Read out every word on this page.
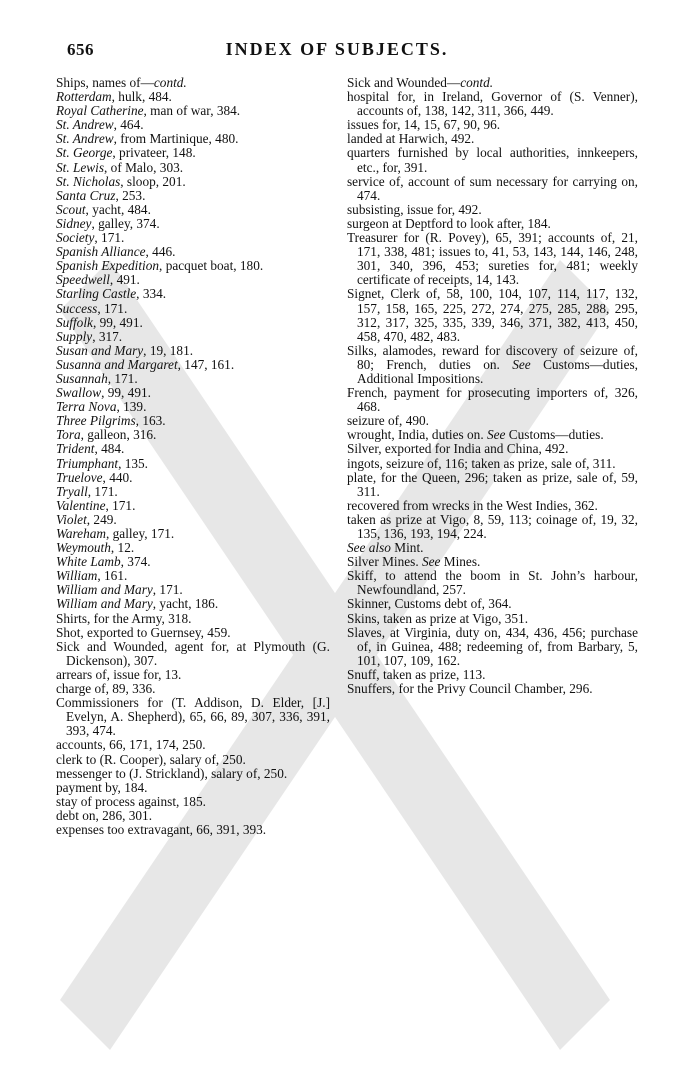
656	INDEX OF SUBJECTS.
Ships, names of—contd.
Rotterdam, hulk, 484.
Royal Catherine, man of war, 384.
St. Andrew, 464.
St. Andrew, from Martinique, 480.
St. George, privateer, 148.
St. Lewis, of Malo, 303.
St. Nicholas, sloop, 201.
Santa Cruz, 253.
Scout, yacht, 484.
Sidney, galley, 374.
Society, 171.
Spanish Alliance, 446.
Spanish Expedition, pacquet boat, 180.
Speedwell, 491.
Starling Castle, 334.
Success, 171.
Suffolk, 99, 491.
Supply, 317.
Susan and Mary, 19, 181.
Susanna and Margaret, 147, 161.
Susannah, 171.
Swallow, 99, 491.
Terra Nova, 139.
Three Pilgrims, 163.
Tora, galleon, 316.
Trident, 484.
Triumphant, 135.
Truelove, 440.
Tryall, 171.
Valentine, 171.
Violet, 249.
Wareham, galley, 171.
Weymouth, 12.
White Lamb, 374.
William, 161.
William and Mary, 171.
William and Mary, yacht, 186.
Shirts, for the Army, 318.
Shot, exported to Guernsey, 459.
Sick and Wounded, agent for, at Plymouth (G. Dickenson), 307.
arrears of, issue for, 13.
charge of, 89, 336.
Commissioners for (T. Addison, D. Elder, [J.] Evelyn, A. Shepherd), 65, 66, 89, 307, 336, 391, 393, 474.
accounts, 66, 171, 174, 250.
clerk to (R. Cooper), salary of, 250.
messenger to (J. Strickland), salary of, 250.
payment by, 184.
stay of process against, 185.
debt on, 286, 301.
expenses too extravagant, 66, 391, 393.
Sick and Wounded—contd.
hospital for, in Ireland, Governor of (S. Venner), accounts of, 138, 142, 311, 366, 449.
issues for, 14, 15, 67, 90, 96.
landed at Harwich, 492.
quarters furnished by local authorities, innkeepers, etc., for, 391.
service of, account of sum necessary for carrying on, 474.
subsisting, issue for, 492.
surgeon at Deptford to look after, 184.
Treasurer for (R. Povey), 65, 391; accounts of, 21, 171, 338, 481; issues to, 41, 53, 143, 144, 146, 248, 301, 340, 396, 453; sureties for, 481; weekly certificate of receipts, 14, 143.
Signet, Clerk of, 58, 100, 104, 107, 114, 117, 132, 157, 158, 165, 225, 272, 274, 275, 285, 288, 295, 312, 317, 325, 335, 339, 346, 371, 382, 413, 450, 458, 470, 482, 483.
Silks, alamodes, reward for discovery of seizure of, 80; French, duties on. See Customs—duties, Additional Impositions.
French, payment for prosecuting importers of, 326, 468.
seizure of, 490.
wrought, India, duties on. See Customs—duties.
Silver, exported for India and China, 492.
ingots, seizure of, 116; taken as prize, sale of, 311.
plate, for the Queen, 296; taken as prize, sale of, 59, 311.
recovered from wrecks in the West Indies, 362.
taken as prize at Vigo, 8, 59, 113; coinage of, 19, 32, 135, 136, 193, 194, 224.
See also Mint.
Silver Mines. See Mines.
Skiff, to attend the boom in St. John’s harbour, Newfoundland, 257.
Skinner, Customs debt of, 364.
Skins, taken as prize at Vigo, 351.
Slaves, at Virginia, duty on, 434, 436, 456; purchase of, in Guinea, 488; redeeming of, from Barbary, 5, 101, 107, 109, 162.
Snuff, taken as prize, 113.
Snuffers, for the Privy Council Chamber, 296.
